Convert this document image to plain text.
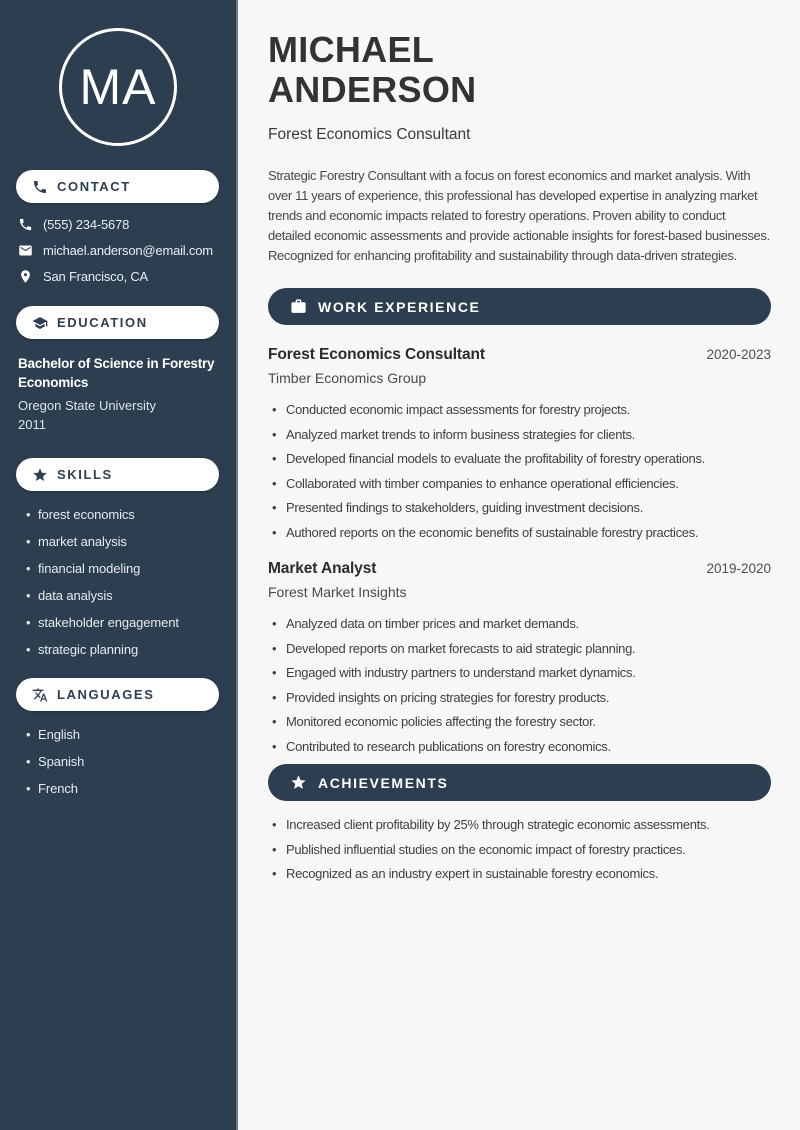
MA
CONTACT
(555) 234-5678
michael.anderson@email.com
San Francisco, CA
EDUCATION
Bachelor of Science in Forestry Economics
Oregon State University
2011
SKILLS
• forest economics
• market analysis
• financial modeling
• data analysis
• stakeholder engagement
• strategic planning
LANGUAGES
• English
• Spanish
• French
MICHAEL
ANDERSON
Forest Economics Consultant

Strategic Forestry Consultant with a focus on forest economics and market analysis. With over 11 years of experience, this professional has developed expertise in analyzing market trends and economic impacts related to forestry operations. Proven ability to conduct detailed economic assessments and provide actionable insights for forest-based businesses. Recognized for enhancing profitability and sustainability through data-driven strategies.

WORK EXPERIENCE
Forest Economics Consultant	2020-2023
Timber Economics Group
• Conducted economic impact assessments for forestry projects.
• Analyzed market trends to inform business strategies for clients.
• Developed financial models to evaluate the profitability of forestry operations.
• Collaborated with timber companies to enhance operational efficiencies.
• Presented findings to stakeholders, guiding investment decisions.
• Authored reports on the economic benefits of sustainable forestry practices.
Market Analyst	2019-2020
Forest Market Insights
• Analyzed data on timber prices and market demands.
• Developed reports on market forecasts to aid strategic planning.
• Engaged with industry partners to understand market dynamics.
• Provided insights on pricing strategies for forestry products.
• Monitored economic policies affecting the forestry sector.
• Contributed to research publications on forestry economics.
ACHIEVEMENTS
• Increased client profitability by 25% through strategic economic assessments.
• Published influential studies on the economic impact of forestry practices.
• Recognized as an industry expert in sustainable forestry economics.
